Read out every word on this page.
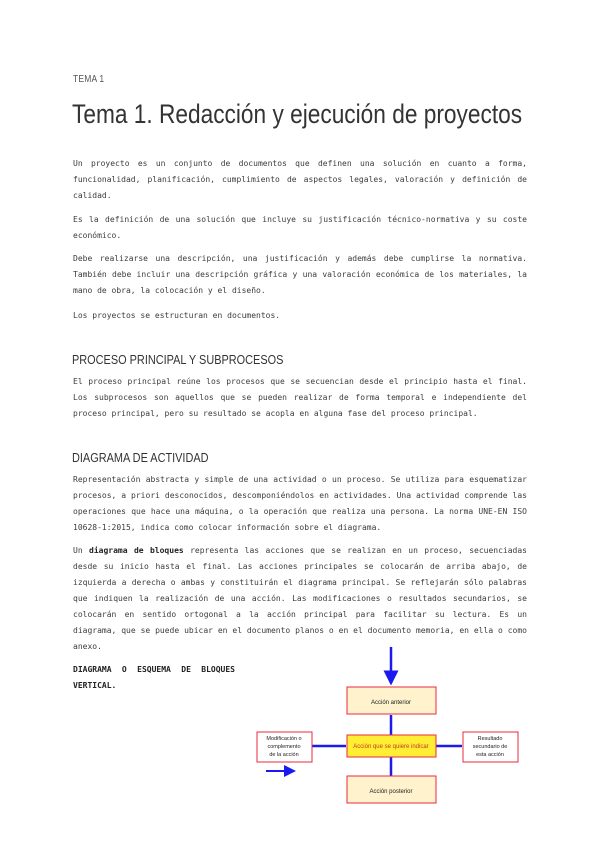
TEMA 1
Tema 1. Redacción y ejecución de proyectos

Un proyecto es un conjunto de documentos que definen una solución en cuanto a forma, funcionalidad, planificación, cumplimiento de aspectos legales, valoración y definición de calidad.

Es la definición de una solución que incluye su justificación técnico-normativa y su coste económico.

Debe realizarse una descripción, una justificación y además debe cumplirse la normativa. También debe incluir una descripción gráfica y una valoración económica de los materiales, la mano de obra, la colocación y el diseño.

Los proyectos se estructuran en documentos.

PROCESO PRINCIPAL Y SUBPROCESOS

El proceso principal reúne los procesos que se secuencian desde el principio hasta el final. Los subprocesos son aquellos que se pueden realizar de forma temporal e independiente del proceso principal, pero su resultado se acopla en alguna fase del proceso principal.

DIAGRAMA DE ACTIVIDAD

Representación abstracta y simple de una actividad o un proceso. Se utiliza para esquematizar procesos, a priori desconocidos, descomponiéndolos en actividades. Una actividad comprende las operaciones que hace una máquina, o la operación que realiza una persona. La norma UNE-EN ISO 10628-1:2015, indica como colocar información sobre el diagrama.

Un diagrama de bloques representa las acciones que se realizan en un proceso, secuenciadas desde su inicio hasta el final. Las acciones principales se colocarán de arriba abajo, de izquierda a derecha o ambas y constituirán el diagrama principal. Se reflejarán sólo palabras que indiquen la realización de una acción. Las modificaciones o resultados secundarios, se colocarán en sentido ortogonal a la acción principal para facilitar su lectura. Es un diagrama, que se puede ubicar en el documento planos o en el documento memoria, en ella o como anexo.

DIAGRAMA O ESQUEMA DE BLOQUES VERTICAL.

Acción anterior
Acción que se quiere indicar
Acción posterior
Modificación o
complemento
de la acción
Resultado
secundario de
esta acción
